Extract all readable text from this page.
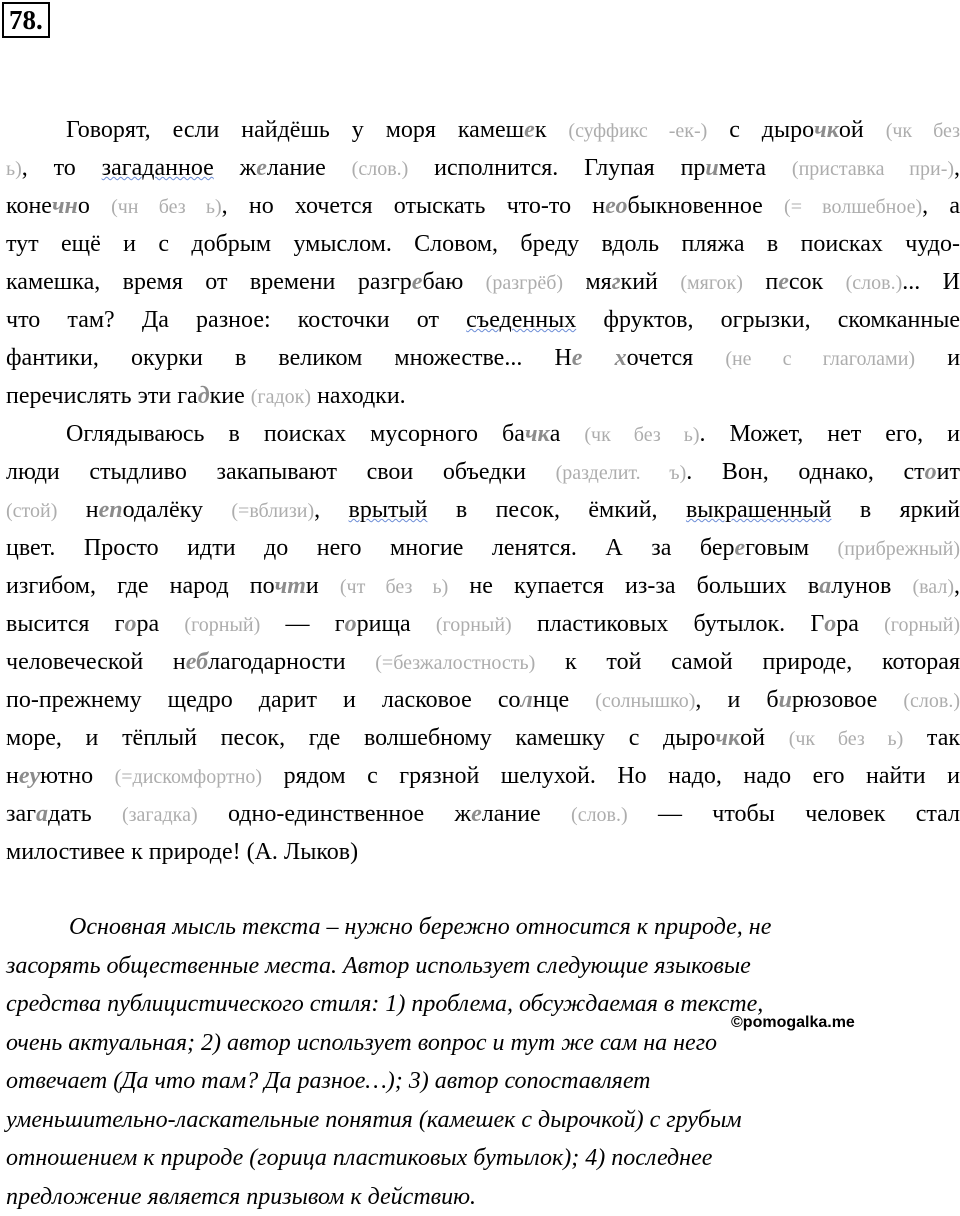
78.
Говорят, если найдёшь у моря камешек (суффикс -ек-) с дырочкой (чк без
ь), то загаданное желание (слов.) исполнится. Глупая примета (приставка при-),
конечно (чн без ь), но хочется отыскать что-то необыкновенное (= волшебное), а
тут ещё и с добрым умыслом. Словом, бреду вдоль пляжа в поисках чудо-
камешка, время от времени разгребаю (разгрёб) мягкий (мягок) песок (слов.)... И
что там? Да разное: косточки от съеденных фруктов, огрызки, скомканные
фантики, окурки в великом множестве... Не хочется (не с глаголами) и
перечислять эти гадкие (гадок) находки.
Оглядываюсь в поисках мусорного бачка (чк без ь). Может, нет его, и
люди стыдливо закапывают свои объедки (разделит. ъ). Вон, однако, стоит
(стой) неподалёку (=вблизи), врытый в песок, ёмкий, выкрашенный в яркий
цвет. Просто идти до него многие ленятся. А за береговым (прибрежный)
изгибом, где народ почти (чт без ь) не купается из-за больших валунов (вал),
высится гора (горный) — горища (горный) пластиковых бутылок. Гора (горный)
человеческой неблагодарности (=безжалостность) к той самой природе, которая
по-прежнему щедро дарит и ласковое солнце (солнышко), и бирюзовое (слов.)
море, и тёплый песок, где волшебному камешку с дырочкой (чк без ь) так
неуютно (=дискомфортно) рядом с грязной шелухой. Но надо, надо его найти и
загадать (загадка) одно-единственное желание (слов.) — чтобы человек стал
милостивее к природе! (А. Лыков)
Основная мысль текста – нужно бережно относится к природе, не
засорять общественные места. Автор использует следующие языковые
средства публицистического стиля: 1) проблема, обсуждаемая в тексте,
очень актуальная; 2) автор использует вопрос и тут же сам на него
отвечает (Да что там? Да разное…); 3) автор сопоставляет
уменьшительно-ласкательные понятия (камешек с дырочкой) с грубым
отношением к природе (горица пластиковых бутылок); 4) последнее
предложение является призывом к действию.
©pomogalka.me
